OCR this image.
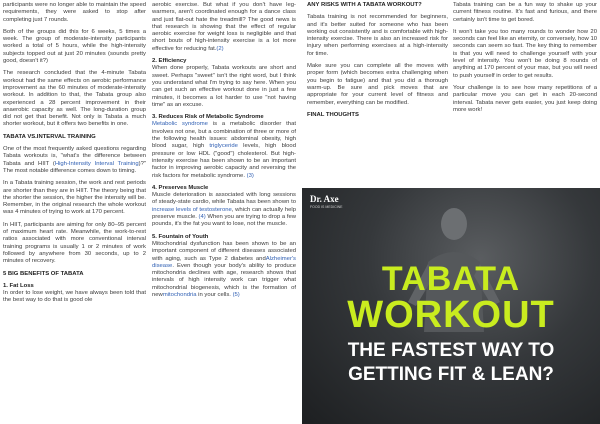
participants were no longer able to maintain the speed requirements, they were asked to stop after completing just 7 rounds.

Both of the groups did this for 6 weeks, 5 times a week. The group of moderate-intensity participants worked a total of 5 hours, while the high-intensity subjects topped out at just 20 minutes (sounds pretty good, doesn't it?)

The research concluded that the 4-minute Tabata workout had the same effects on aerobic performance improvement as the 60 minutes of moderate-intensity workout. In addition to that, the Tabata group also experienced a 28 percent improvement in their anaerobic capacity as well. The long-duration group did not get that benefit. Not only is Tabata a much shorter workout, but it offers two benefits in one.

TABATA VS.INTERVAL TRAINING

One of the most frequently asked questions regarding Tabata workouts is, "what's the difference between Tabata and HIIT (High-Intensity Interval Training)?" The most notable difference comes down to timing.

In a Tabata training session, the work and rest periods are shorter than they are in HIIT. The theory being that the shorter the session, the higher the intensity will be. Remember, in the original research the whole workout was 4 minutes of trying to work at 170 percent.

In HIIT, participants are aiming for only 80–95 percent of maximum heart rate. Meanwhile, the work-to-rest ratios associated with more conventional interval training programs is usually 1 or 2 minutes of work followed by anywhere from 30 seconds, up to 2 minutes of recovery.

5 BIG BENEFITS OF TABATA
1. Fat Loss

In order to lose weight, we have always been told that the best way to do that is good ole

aerobic exercise. But what if you don't have leg-warmers, aren't coordinated enough for a dance class and just flat-out hate the treadmill? The good news is that research is showing that the effect of regular aerobic exercise for weight loss is negligible and that short bouts of high-intensity exercise is a lot more effective for reducing fat.(2)

2. Efficiency

When done properly, Tabata workouts are short and sweet. Perhaps "sweet" isn't the right word, but I think you understand what I'm trying to say here. When you can get such an effective workout done in just a few minutes, it becomes a lot harder to use "not having time" as an excuse.

3. Reduces Risk of Metabolic Syndrome

Metabolic syndrome is a metabolic disorder that involves not one, but a combination of three or more of the following health issues: abdominal obesity, high blood sugar, high triglyceride levels, high blood pressure or low HDL ("good") cholesterol. But high-intensity exercise has been shown to be an important factor in improving aerobic capacity and reversing the risk factors for metabolic syndrome. (3)

4. Preserves Muscle

Muscle deterioration is associated with long sessions of steady-state cardio, while Tabata has been shown to increase levels of testosterone, which can actually help preserve muscle. (4) When you are trying to drop a few pounds, it's the fat you want to lose, not the muscle.

5. Fountain of Youth

Mitochondrial dysfunction has been shown to be an important component of different diseases associated with aging, such as Type 2 diabetes andAlzheimer's disease. Even though your body's ability to produce mitochondria declines with age, research shows that intervals of high intensity work can trigger what mitochondrial biogenesis, which is the formation of newmitochondria in your cells. (5)

ANY RISKS WITH A TABATA WORKOUT?

Tabata training is not recommended for beginners, and it's better suited for someone who has been working out consistently and is comfortable with high-intensity exercise. There is also an increased risk for injury when performing exercises at a high-intensity for time.

Make sure you can complete all the moves with proper form (which becomes extra challenging when you begin to fatigue) and that you did a thorough warm-up. Be sure and pick moves that are appropriate for your current level of fitness and remember, everything can be modified.

FINAL THOUGHTS

Tabata training can be a fun way to shake up your current fitness routine. It's fast and furious, and there certainly isn't time to get bored.

It won't take you too many rounds to wonder how 20 seconds can feel like an eternity, or conversely, how 10 seconds can seem so fast. The key thing to remember is that you will need to challenge yourself with your level of intensity. You won't be doing 8 rounds of anything at 170 percent of your max, but you will need to push yourself in order to get results.

Your challenge is to see how many repetitions of a particular move you can get in each 20-second interval. Tabata never gets easier, you just keep doing more work!

Dr. Axe
FOOD IS MEDICINE
TABATA
WORKOUT
THE FASTEST WAY TO
GETTING FIT & LEAN?
